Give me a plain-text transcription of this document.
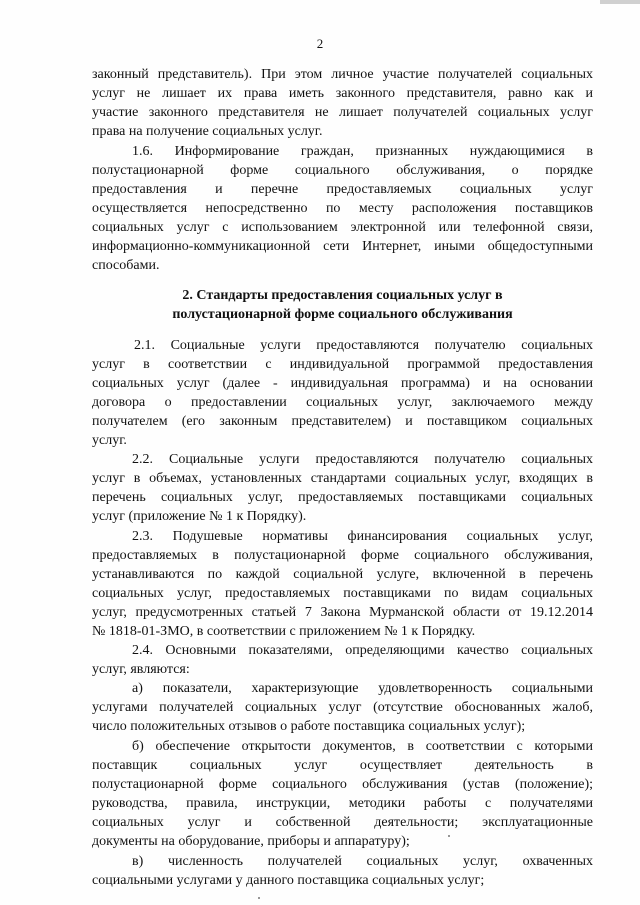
2
законный представитель). При этом личное участие получателей социальных
услуг не лишает их права иметь законного представителя, равно как и
участие законного представителя не лишает получателей социальных услуг
права на получение социальных услуг.
1.6. Информирование граждан, признанных нуждающимися в
полустационарной форме социального обслуживания, о порядке
предоставления и перечне предоставляемых социальных услуг
осуществляется непосредственно по месту расположения поставщиков
социальных услуг с использованием электронной или телефонной связи,
информационно-коммуникационной сети Интернет, иными общедоступными
способами.
2. Стандарты предоставления социальных услуг в
полустационарной форме социального обслуживания
2.1. Социальные услуги предоставляются получателю социальных
услуг в соответствии с индивидуальной программой предоставления
социальных услуг (далее - индивидуальная программа) и на основании
договора о предоставлении социальных услуг, заключаемого между
получателем (его законным представителем) и поставщиком социальных
услуг.
2.2. Социальные услуги предоставляются получателю социальных
услуг в объемах, установленных стандартами социальных услуг, входящих в
перечень социальных услуг, предоставляемых поставщиками социальных
услуг (приложение № 1 к Порядку).
2.3. Подушевые нормативы финансирования социальных услуг,
предоставляемых в полустационарной форме социального обслуживания,
устанавливаются по каждой социальной услуге, включенной в перечень
социальных услуг, предоставляемых поставщиками по видам социальных
услуг, предусмотренных статьей 7 Закона Мурманской области от 19.12.2014
№ 1818-01-ЗМО, в соответствии с приложением № 1 к Порядку.
2.4. Основными показателями, определяющими качество социальных
услуг, являются:
а) показатели, характеризующие удовлетворенность социальными
услугами получателей социальных услуг (отсутствие обоснованных жалоб,
число положительных отзывов о работе поставщика социальных услуг);
б) обеспечение открытости документов, в соответствии с которыми
поставщик социальных услуг осуществляет деятельность в
полустационарной форме социального обслуживания (устав (положение);
руководства, правила, инструкции, методики работы с получателями
социальных услуг и собственной деятельности; эксплуатационные
документы на оборудование, приборы и аппаратуру);
в) численность получателей социальных услуг, охваченных
социальными услугами у данного поставщика социальных услуг;
